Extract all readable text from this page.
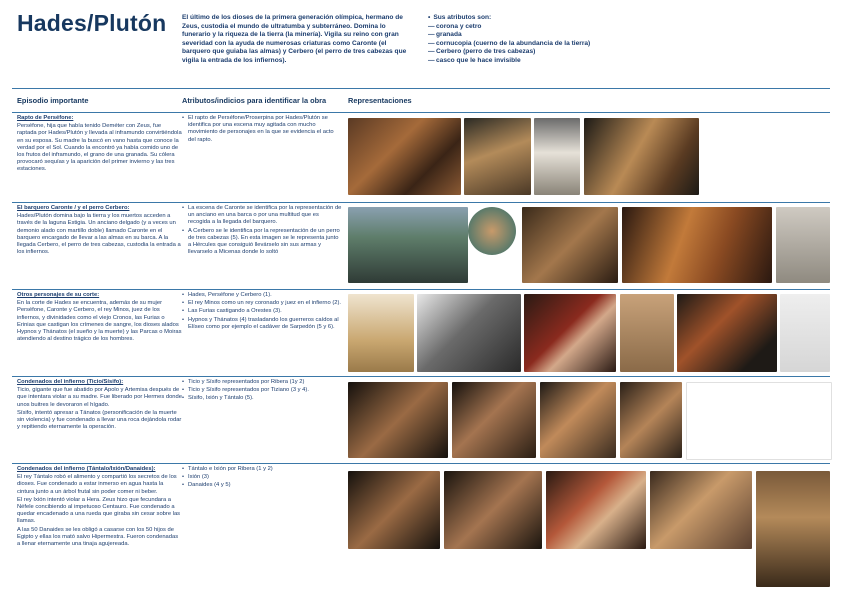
Hades/Plutón El último de los dioses de la primera generación olímpica, hermano de Zeus, custodia el mundo de ultratumba y subterráneo. Domina lo funerario y la riqueza de la tierra (la minería). Vigila su reino con gran severidad con la ayuda de numerosas criaturas como Caronte (el barquero que guiaba las almas) y Cerbero (el perro de tres cabezas que vigila la entrada de los infiernos).
• Sus atributos son:
— corona y cetro
— granada
— cornucopia (cuerno de la abundancia de la tierra)
— Cerbero (perro de tres cabezas)
— casco que le hace invisible
Episodio importante	Atributos/indicios para identificar la obra	Representaciones
Rapto de Perséfone:

Perséfone, hija que había tenido Deméter con Zeus, fue raptada por Hades/Plutón y llevada al inframundo convirtiéndola en su esposa. Su madre la buscó en vano hasta que conoce la verdad por el Sol. Cuando la encontró ya había comido uno de los frutos del inframundo, el grano de una granada. Su cólera provocaró sequías y la aparición del primer invierno y las tres estaciones.

• El rapto de Perséfone/Proserpina por Hades/Plutón se identifica por una escena muy agitada con mucho movimiento de personajes en la que se evidencia el acto del rapto.
El barquero Caronte / y el perro Cerbero:

Hades/Plutón domina bajo la tierra y los muertos acceden a través de la laguna Estigia. Un anciano delgado (y a veces un demonio alado con martillo doble) llamado Caronte en el barquero encargado de llevar a las almas en su barca. A la llegada Cerbero, el perro de tres cabezas, custodia la entrada a los infiernos.

• La escena de Caronte se identifica por la representación de un anciano en una barca o por una multitud que es recogida a la llegada del barquero.
• A Cerbero se le identifica por la representación de un perro de tres cabezas (5). En esta imagen se le representa junto a Hércules que consiguió llevárselo sin sus armas y llevarselo a Micenas donde lo soltó
Otros personajes de su corte:

En la corte de Hades se encuentra, además de su mujer Perséfone, Caronte y Cerbero, el rey Minos, juez de los infiernos, y divinidades como el viejo Cronos, las Furias o Erinias que castigan los crímenes de sangre, los dioses alados Hypnos y Thánatos (el sueño y la muerte) y las Parcas o Moiras atendiendo al destino trágico de los hombres.

• Hades, Perséfone y Cerbero (1).
• El rey Minos como un rey coronado y juez en el infierno (2).
• Las Furias castigando a Orestes (3).
• Hypnos y Thánatos (4) trasladando los guerreros caídos al Elíseo como por ejemplo el cadáver de Sarpedón (5 y 6).
Condenados del infierno (Ticio/Sísifo):

Ticio, gigante que fue abatido por Apolo y Artemisa después de que intentara violar a su madre. Fue liberado por Hermes donde unos buitres le devoraron el hígado.

Sísifo, intentó apresar a Tánatos (personificación de la muerte sin violencia) y fue condenado a llevar una roca dejándola rodar y repitiendo eternamente la operación.

• Ticio y Sísifo representados por Ribera (1y 2)
• Ticio y Sísifo representados por Tiziano (3 y 4).
• Sísifo, Ixión y Tántalo (5).
Condenados del infierno (Tántalo/Ixión/Danaides):

El rey Tántalo robó el alimento y compartió los secretos de los dioses. Fue condenado a estar inmerso en agua hasta la cintura junto a un árbol frutal sin poder comer ni beber.

El rey Ixión intentó violar a Hera. Zeus hizo que fecundara a Néfele concibiendo al impetuoso Centauro. Fue condenado a quedar encadenado a una rueda que giraba sin cesar sobre las llamas.

A las 50 Danaides se les obligó a casarse con los 50 hijos de Egipto y ellas los mató salvo Hipermestra. Fueron condenadas a llenar eternamente una tinaja agujereada.

• Tántalo e Ixión por Ribera (1 y 2)
• Ixión (3)
• Danaides (4 y 5)
